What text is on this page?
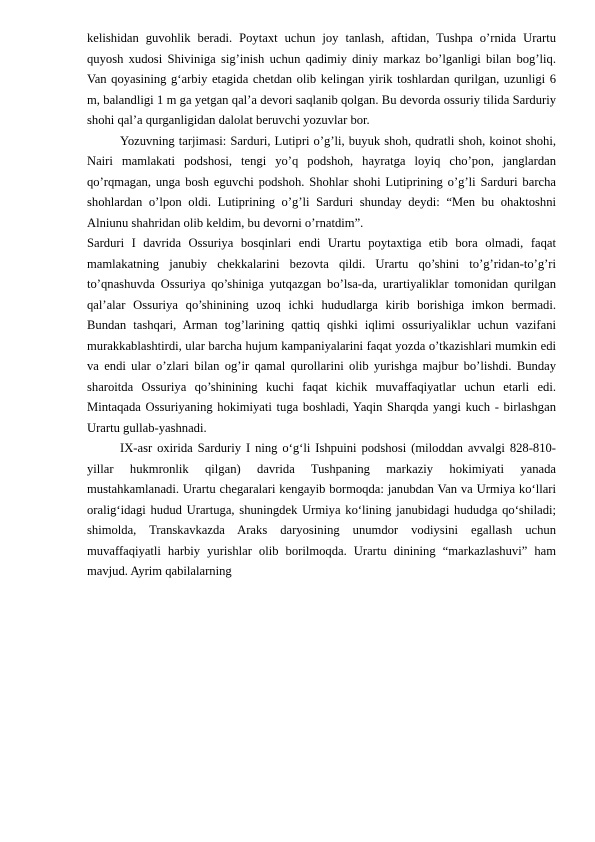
kelishidan guvohlik beradi. Poytaxt uchun joy tanlash, aftidan, Tushpa o’rnida Urartu quyosh xudosi Shiviniga sig’inish uchun qadimiy diniy markaz bo’lganligi bilan bog’liq. Van qoyasining g‘arbiy etagida chetdan olib kelingan yirik toshlardan qurilgan, uzunligi 6 m, balandligi 1 m ga yetgan qal’a devori saqlanib qolgan. Bu devorda ossuriy tilida Sarduriy shohi qal’a qurganligidan dalolat beruvchi yozuvlar bor.

Yozuvning tarjimasi: Sarduri, Lutipri o’g’li, buyuk shoh, qudratli shoh, koinot shohi, Nairi mamlakati podshosi, tengi yo’q podshoh, hayratga loyiq cho’pon, janglardan qo’rqmagan, unga bosh eguvchi podshoh. Shohlar shohi Lutiprining o’g’li Sarduri barcha shohlardan o’lpon oldi. Lutiprining o’g’li Sarduri shunday deydi: “Men bu ohaktoshni Alniunu shahridan olib keldim, bu devorni o’rnatdim”.

Sarduri I davrida Ossuriya bosqinlari endi Urartu poytaxtiga etib bora olmadi, faqat mamlakatning janubiy chekkalarini bezovta qildi. Urartu qo’shini to’g’ridan-to’g’ri to’qnashuvda Ossuriya qo’shiniga yutqazgan bo’lsa-da, urartiyaliklar tomonidan qurilgan qal’alar Ossuriya qo’shinining uzoq ichki hududlarga kirib borishiga imkon bermadi. Bundan tashqari, Arman tog’larining qattiq qishki iqlimi ossuriyaliklar uchun vazifani murakkablashtirdi, ular barcha hujum kampaniyalarini faqat yozda o’tkazishlari mumkin edi va endi ular o’zlari bilan og’ir qamal qurollarini olib yurishga majbur bo’lishdi. Bunday sharoitda Ossuriya qo’shinining kuchi faqat kichik muvaffaqiyatlar uchun etarli edi. Mintaqada Ossuriyaning hokimiyati tuga boshladi, Yaqin Sharqda yangi kuch - birlashgan Urartu gullab-yashnadi.

IX-asr oxirida Sarduriy I ning o‘g‘li Ishpuini podshosi (miloddan avvalgi 828-810-yillar hukmronlik qilgan) davrida Tushpaning markaziy hokimiyati yanada mustahkamlanadi. Urartu chegaralari kengayib bormoqda: janubdan Van va Urmiya ko‘llari oralig‘idagi hudud Urartuga, shuningdek Urmiya ko‘lining janubidagi hududga qo‘shiladi; shimolda, Transkavkazda Araks daryosining unumdor vodiysini egallash uchun muvaffaqiyatli harbiy yurishlar olib borilmoqda. Urartu dinining “markazlashuvi” ham mavjud. Ayrim qabilalarning
